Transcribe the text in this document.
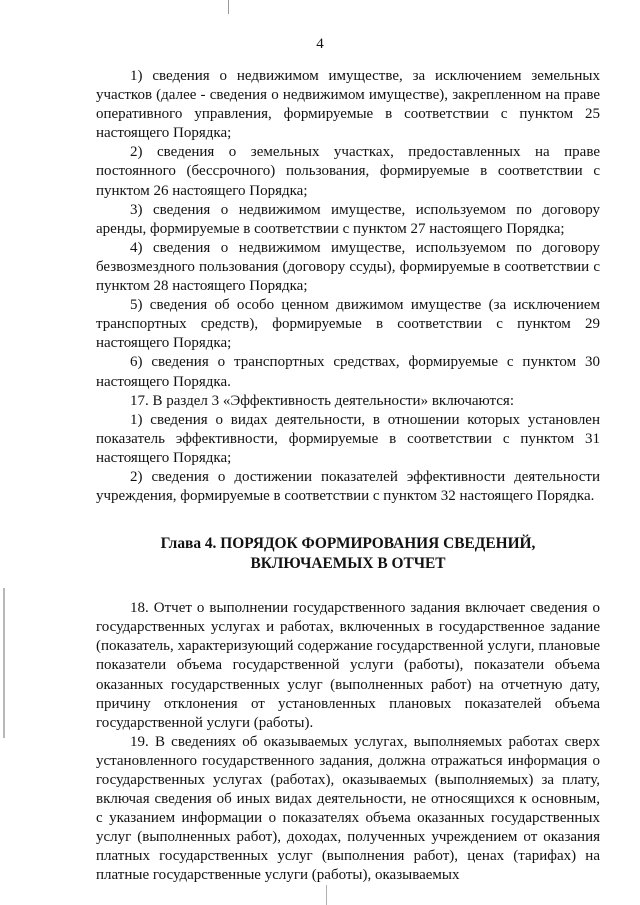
4

1) сведения о недвижимом имуществе, за исключением земельных участков (далее - сведения о недвижимом имуществе), закрепленном на праве оперативного управления, формируемые в соответствии с пунктом 25 настоящего Порядка;

2) сведения о земельных участках, предоставленных на праве постоянного (бессрочного) пользования, формируемые в соответствии с пунктом 26 настоящего Порядка;

3) сведения о недвижимом имуществе, используемом по договору аренды, формируемые в соответствии с пунктом 27 настоящего Порядка;

4) сведения о недвижимом имуществе, используемом по договору безвозмездного пользования (договору ссуды), формируемые в соответствии с пунктом 28 настоящего Порядка;

5) сведения об особо ценном движимом имуществе (за исключением транспортных средств), формируемые в соответствии с пунктом 29 настоящего Порядка;

6) сведения о транспортных средствах, формируемые с пунктом 30 настоящего Порядка.

17. В раздел 3 «Эффективность деятельности» включаются:

1) сведения о видах деятельности, в отношении которых установлен показатель эффективности, формируемые в соответствии с пунктом 31 настоящего Порядка;

2) сведения о достижении показателей эффективности деятельности учреждения, формируемые в соответствии с пунктом 32 настоящего Порядка.

Глава 4. ПОРЯДОК ФОРМИРОВАНИЯ СВЕДЕНИЙ,
ВКЛЮЧАЕМЫХ В ОТЧЕТ

18. Отчет о выполнении государственного задания включает сведения о государственных услугах и работах, включенных в государственное задание (показатель, характеризующий содержание государственной услуги, плановые показатели объема государственной услуги (работы), показатели объема оказанных государственных услуг (выполненных работ) на отчетную дату, причину отклонения от установленных плановых показателей объема государственной услуги (работы).

19. В сведениях об оказываемых услугах, выполняемых работах сверх установленного государственного задания, должна отражаться информация о государственных услугах (работах), оказываемых (выполняемых) за плату, включая сведения об иных видах деятельности, не относящихся к основным, с указанием информации о показателях объема оказанных государственных услуг (выполненных работ), доходах, полученных учреждением от оказания платных государственных услуг (выполнения работ), ценах (тарифах) на платные государственные услуги (работы), оказываемых
